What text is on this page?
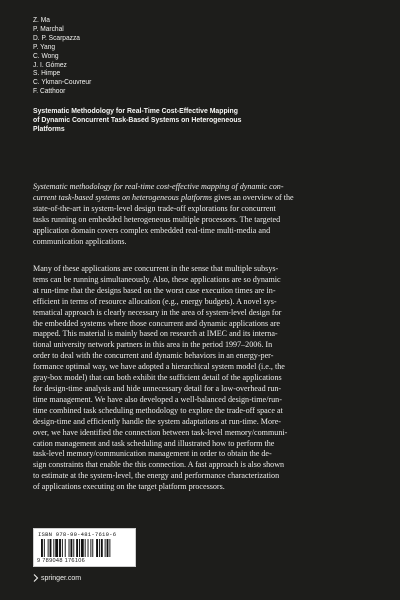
Z. Ma
P. Marchal
D. P. Scarpazza
P. Yang
C. Wong
J. I. Gómez
S. Himpe
C. Ykman-Couvreur
F. Catthoor
Systematic Methodology for Real-Time Cost-Effective Mapping
of Dynamic Concurrent Task-Based Systems on Heterogeneous
Platforms
Systematic methodology for real-time cost-effective mapping of dynamic con-
current task-based systems on heterogeneous platforms gives an overview of the
state-of-the-art in system-level design trade-off explorations for concurrent
tasks running on embedded heterogeneous multiple processors. The targeted
application domain covers complex embedded real-time multi-media and
communication applications.
Many of these applications are concurrent in the sense that multiple subsys-
tems can be running simultaneously. Also, these applications are so dynamic
at run-time that the designs based on the worst case execution times are in-
efficient in terms of resource allocation (e.g., energy budgets). A novel sys-
tematical approach is clearly necessary in the area of system-level design for
the embedded systems where those concurrent and dynamic applications are
mapped. This material is mainly based on research at IMEC and its interna-
tional university network partners in this area in the period 1997–2006. In
order to deal with the concurrent and dynamic behaviors in an energy-per-
formance optimal way, we have adopted a hierarchical system model (i.e., the
gray-box model) that can both exhibit the sufficient detail of the applications
for design-time analysis and hide unnecessary detail for a low-overhead run-
time management. We have also developed a well-balanced design-time/run-
time combined task scheduling methodology to explore the trade-off space at
design-time and efficiently handle the system adaptations at run-time. More-
over, we have identified the connection between task-level memory/communi-
cation management and task scheduling and illustrated how to perform the
task-level memory/communication management in order to obtain the de-
sign constraints that enable the this connection. A fast approach is also shown
to estimate at the system-level, the energy and performance characterization
of applications executing on the target platform processors.
ISBN 978-90-481-7610-6
9 789048 176106
springer.com
